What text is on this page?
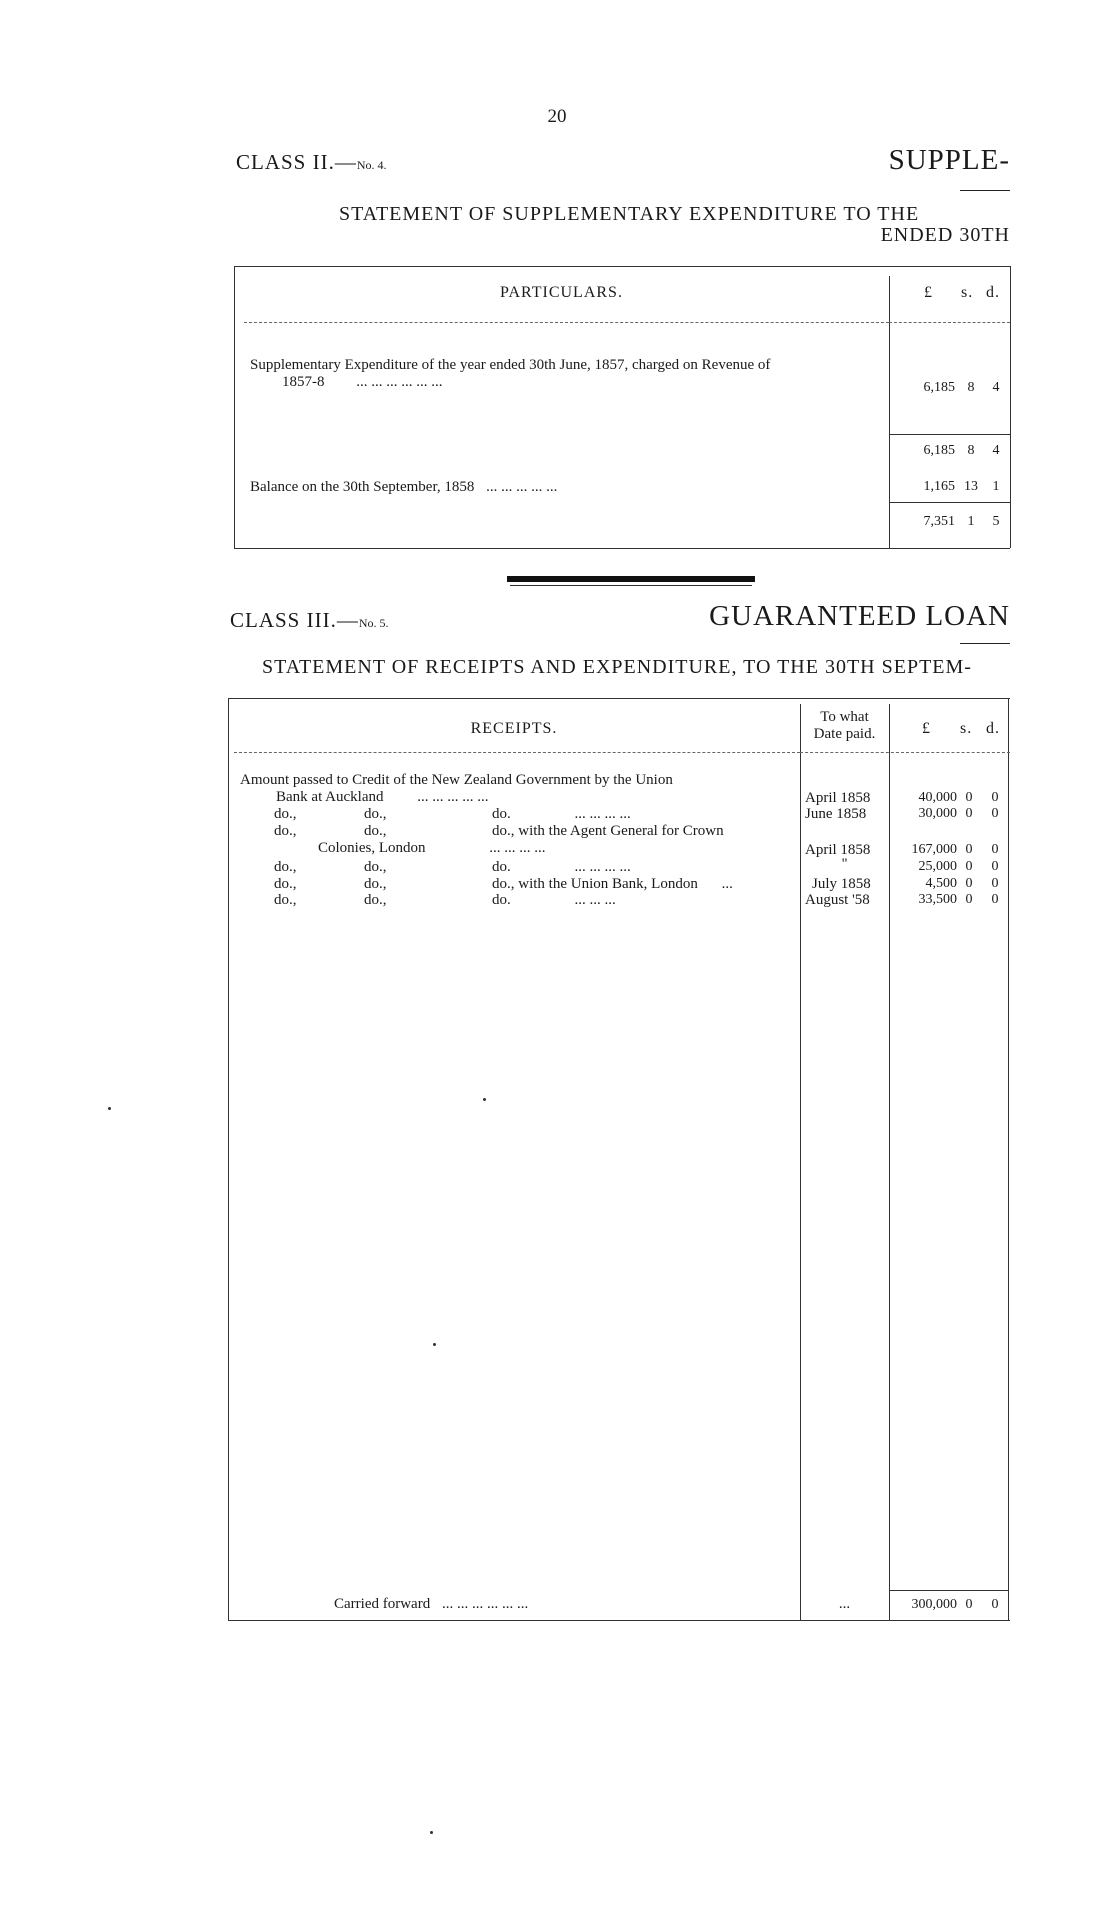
20
CLASS II.—No. 4.	SUPPLE-
STATEMENT OF SUPPLEMENTARY EXPENDITURE TO THE
ENDED 30TH
PARTICULARS.	£ s. d.
Supplementary Expenditure of the year ended 30th June, 1857, charged on Revenue of
1857-8 ... ... ... ... ... ...	6,185 8 4
6,185 8 4
Balance on the 30th September, 1858 ... ... ... ... ...	1,165 13 1
7,351 1 5
CLASS III.—No. 5.	GUARANTEED LOAN
STATEMENT OF RECEIPTS AND EXPENDITURE, TO THE 30TH SEPTEM-
RECEIPTS.
To what
Date paid.	£ s. d.
Amount passed to Credit of the New Zealand Government by the Union
Bank at Auckland ... ... ... ... ...	April 1858	40,000 0 0
do.,	do.,	do.	... ... ... ...	June 1858	30,000 0 0
do.,	do.,	do., with the Agent General for Crown
Colonies, London	... ... ... ...	April 1858	167,000 0 0
do.,	do.,	do.	... ... ... ...	"	25,000 0 0
do.,	do.,	do., with the Union Bank, London ...	July 1858	4,500 0 0
do.,	do.,	do.	... ... ...	August '58	33,500 0 0
Carried forward ... ... ... ... ... ...	...	300,000 0 0
